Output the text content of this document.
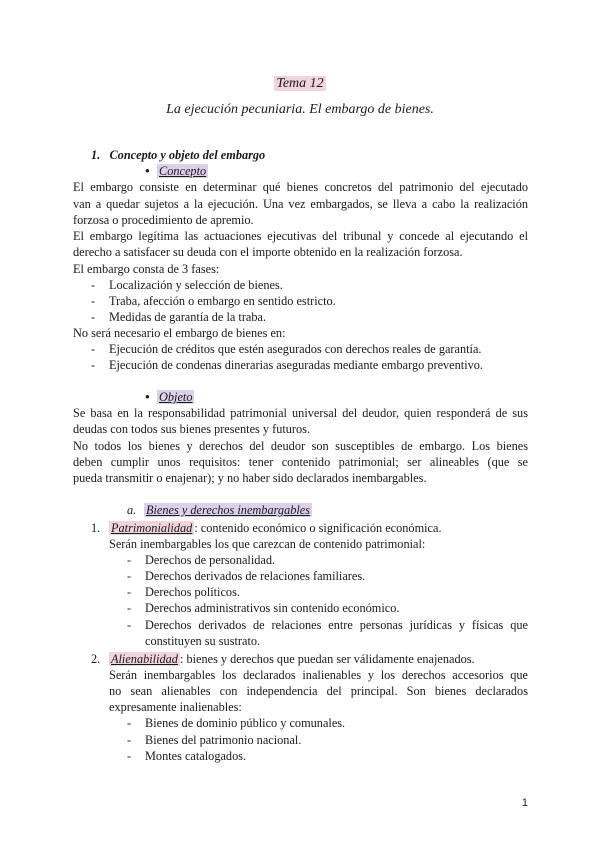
Tema 12
La ejecución pecuniaria. El embargo de bienes.
1. Concepto y objeto del embargo
● Concepto
El embargo consiste en determinar qué bienes concretos del patrimonio del ejecutado
van a quedar sujetos a la ejecución. Una vez embargados, se lleva a cabo la realización
forzosa o procedimiento de apremio.
El embargo legítima las actuaciones ejecutivas del tribunal y concede al ejecutando el
derecho a satisfacer su deuda con el importe obtenido en la realización forzosa.
El embargo consta de 3 fases:
- Localización y selección de bienes.
- Traba, afección o embargo en sentido estricto.
- Medidas de garantía de la traba.
No será necesario el embargo de bienes en:
- Ejecución de créditos que estén asegurados con derechos reales de garantía.
- Ejecución de condenas dinerarias aseguradas mediante embargo preventivo.
● Objeto
Se basa en la responsabilidad patrimonial universal del deudor, quien responderá de sus
deudas con todos sus bienes presentes y futuros.
No todos los bienes y derechos del deudor son susceptibles de embargo. Los bienes
deben cumplir unos requisitos: tener contenido patrimonial; ser alineables (que se
pueda transmitir o enajenar); y no haber sido declarados inembargables.
a. Bienes y derechos inembargables
1. Patrimonialidad : contenido económico o significación económica.
Serán inembargables los que carezcan de contenido patrimonial:
- Derechos de personalidad.
- Derechos derivados de relaciones familiares.
- Derechos políticos.
- Derechos administrativos sin contenido económico.
- Derechos derivados de relaciones entre personas jurídicas y físicas que
constituyen su sustrato.
2. Alienabilidad : bienes y derechos que puedan ser válidamente enajenados.
Serán inembargables los declarados inalienables y los derechos accesorios que
no sean alienables con independencia del principal. Son bienes declarados
expresamente inalienables:
- Bienes de dominio público y comunales.
- Bienes del patrimonio nacional.
- Montes catalogados.
1
